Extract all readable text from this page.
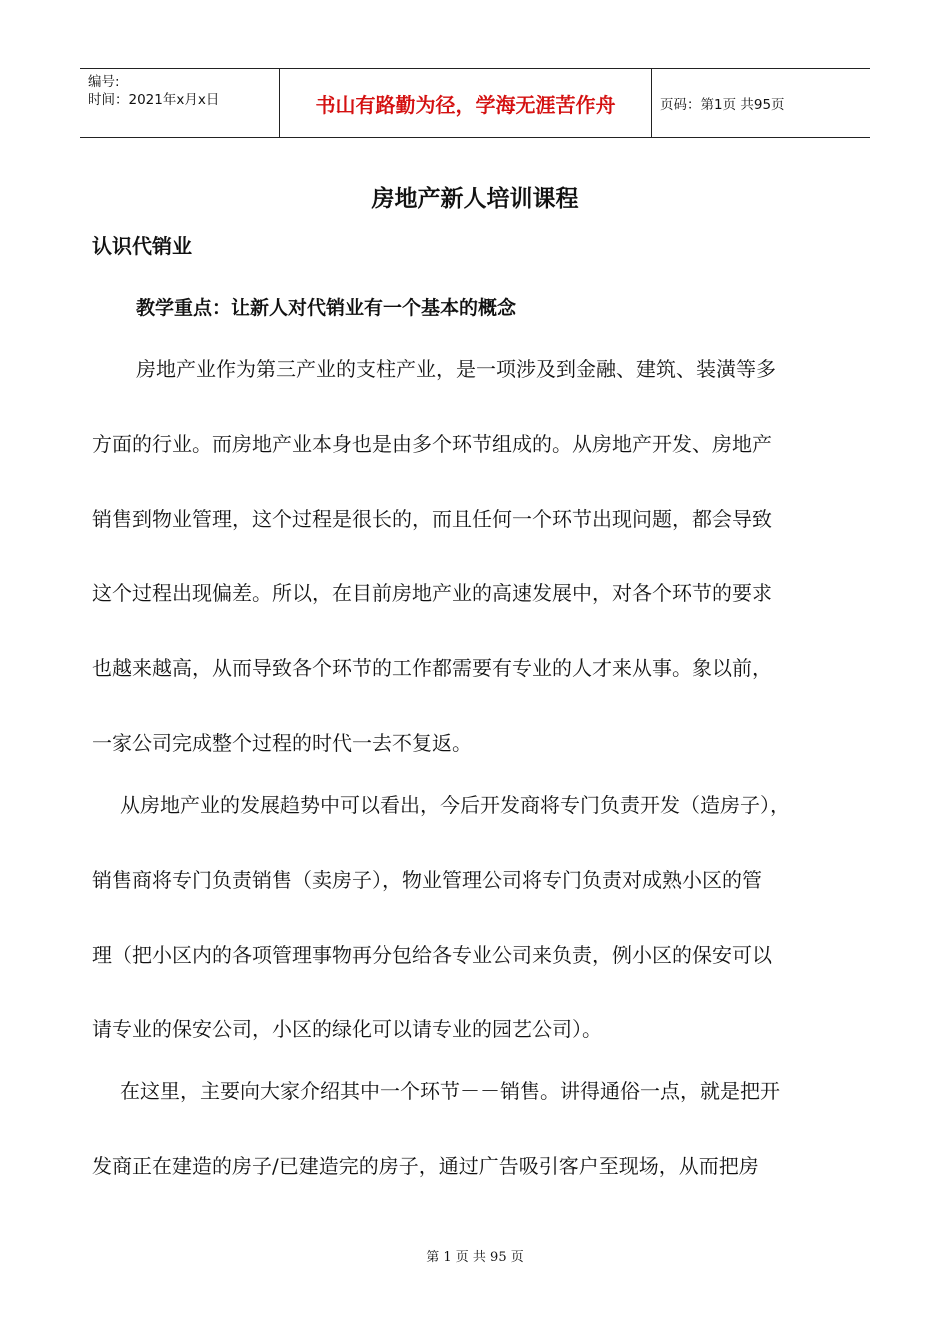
编号:
时间：2021年x月x日	书山有路勤为径，学海无涯苦作舟	页码：第1页 共95页
房地产新人培训课程
认识代销业
教学重点：让新人对代销业有一个基本的概念
房地产业作为第三产业的支柱产业，是一项涉及到金融、建筑、装潢等多
方面的行业。而房地产业本身也是由多个环节组成的。从房地产开发、房地产
销售到物业管理，这个过程是很长的，而且任何一个环节出现问题，都会导致
这个过程出现偏差。所以，在目前房地产业的高速发展中，对各个环节的要求
也越来越高，从而导致各个环节的工作都需要有专业的人才来从事。象以前，
一家公司完成整个过程的时代一去不复返。
从房地产业的发展趋势中可以看出，今后开发商将专门负责开发（造房子），
销售商将专门负责销售（卖房子），物业管理公司将专门负责对成熟小区的管
理（把小区内的各项管理事物再分包给各专业公司来负责，例小区的保安可以
请专业的保安公司，小区的绿化可以请专业的园艺公司）。
在这里，主要向大家介绍其中一个环节－－销售。讲得通俗一点，就是把开
发商正在建造的房子/已建造完的房子，通过广告吸引客户至现场，从而把房
第 1 页 共 95 页
